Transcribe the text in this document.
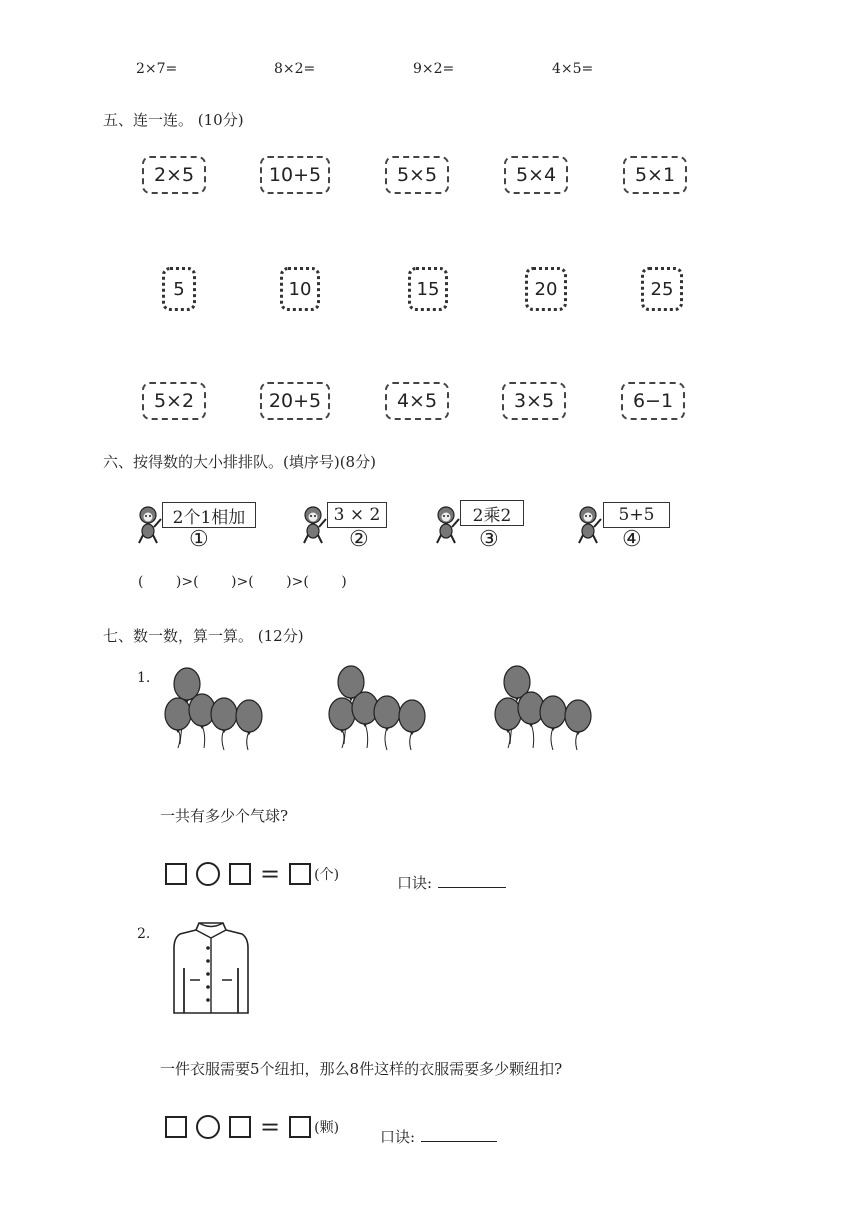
2×7=	8×2=	9×2=	4×5=
五、连一连。 (10分)
2×5	10+5	5×5	5×4	5×1
5	10	15	20	25
5×2	20+5	4×5	3×5	6−1
六、按得数的大小排排队。(填序号)(8分)
2个1相加
①
3 × 2
②
2乘2
③
5+5
④
(　　 )>(　　 )>(　　 )>(　　 )
七、数一数，算一算。 (12分)
1.
一共有多少个气球?
= (个)	口诀:
2.
一件衣服需要5个纽扣，那么8件这样的衣服需要多少颗纽扣?
= (颗)	口诀:
